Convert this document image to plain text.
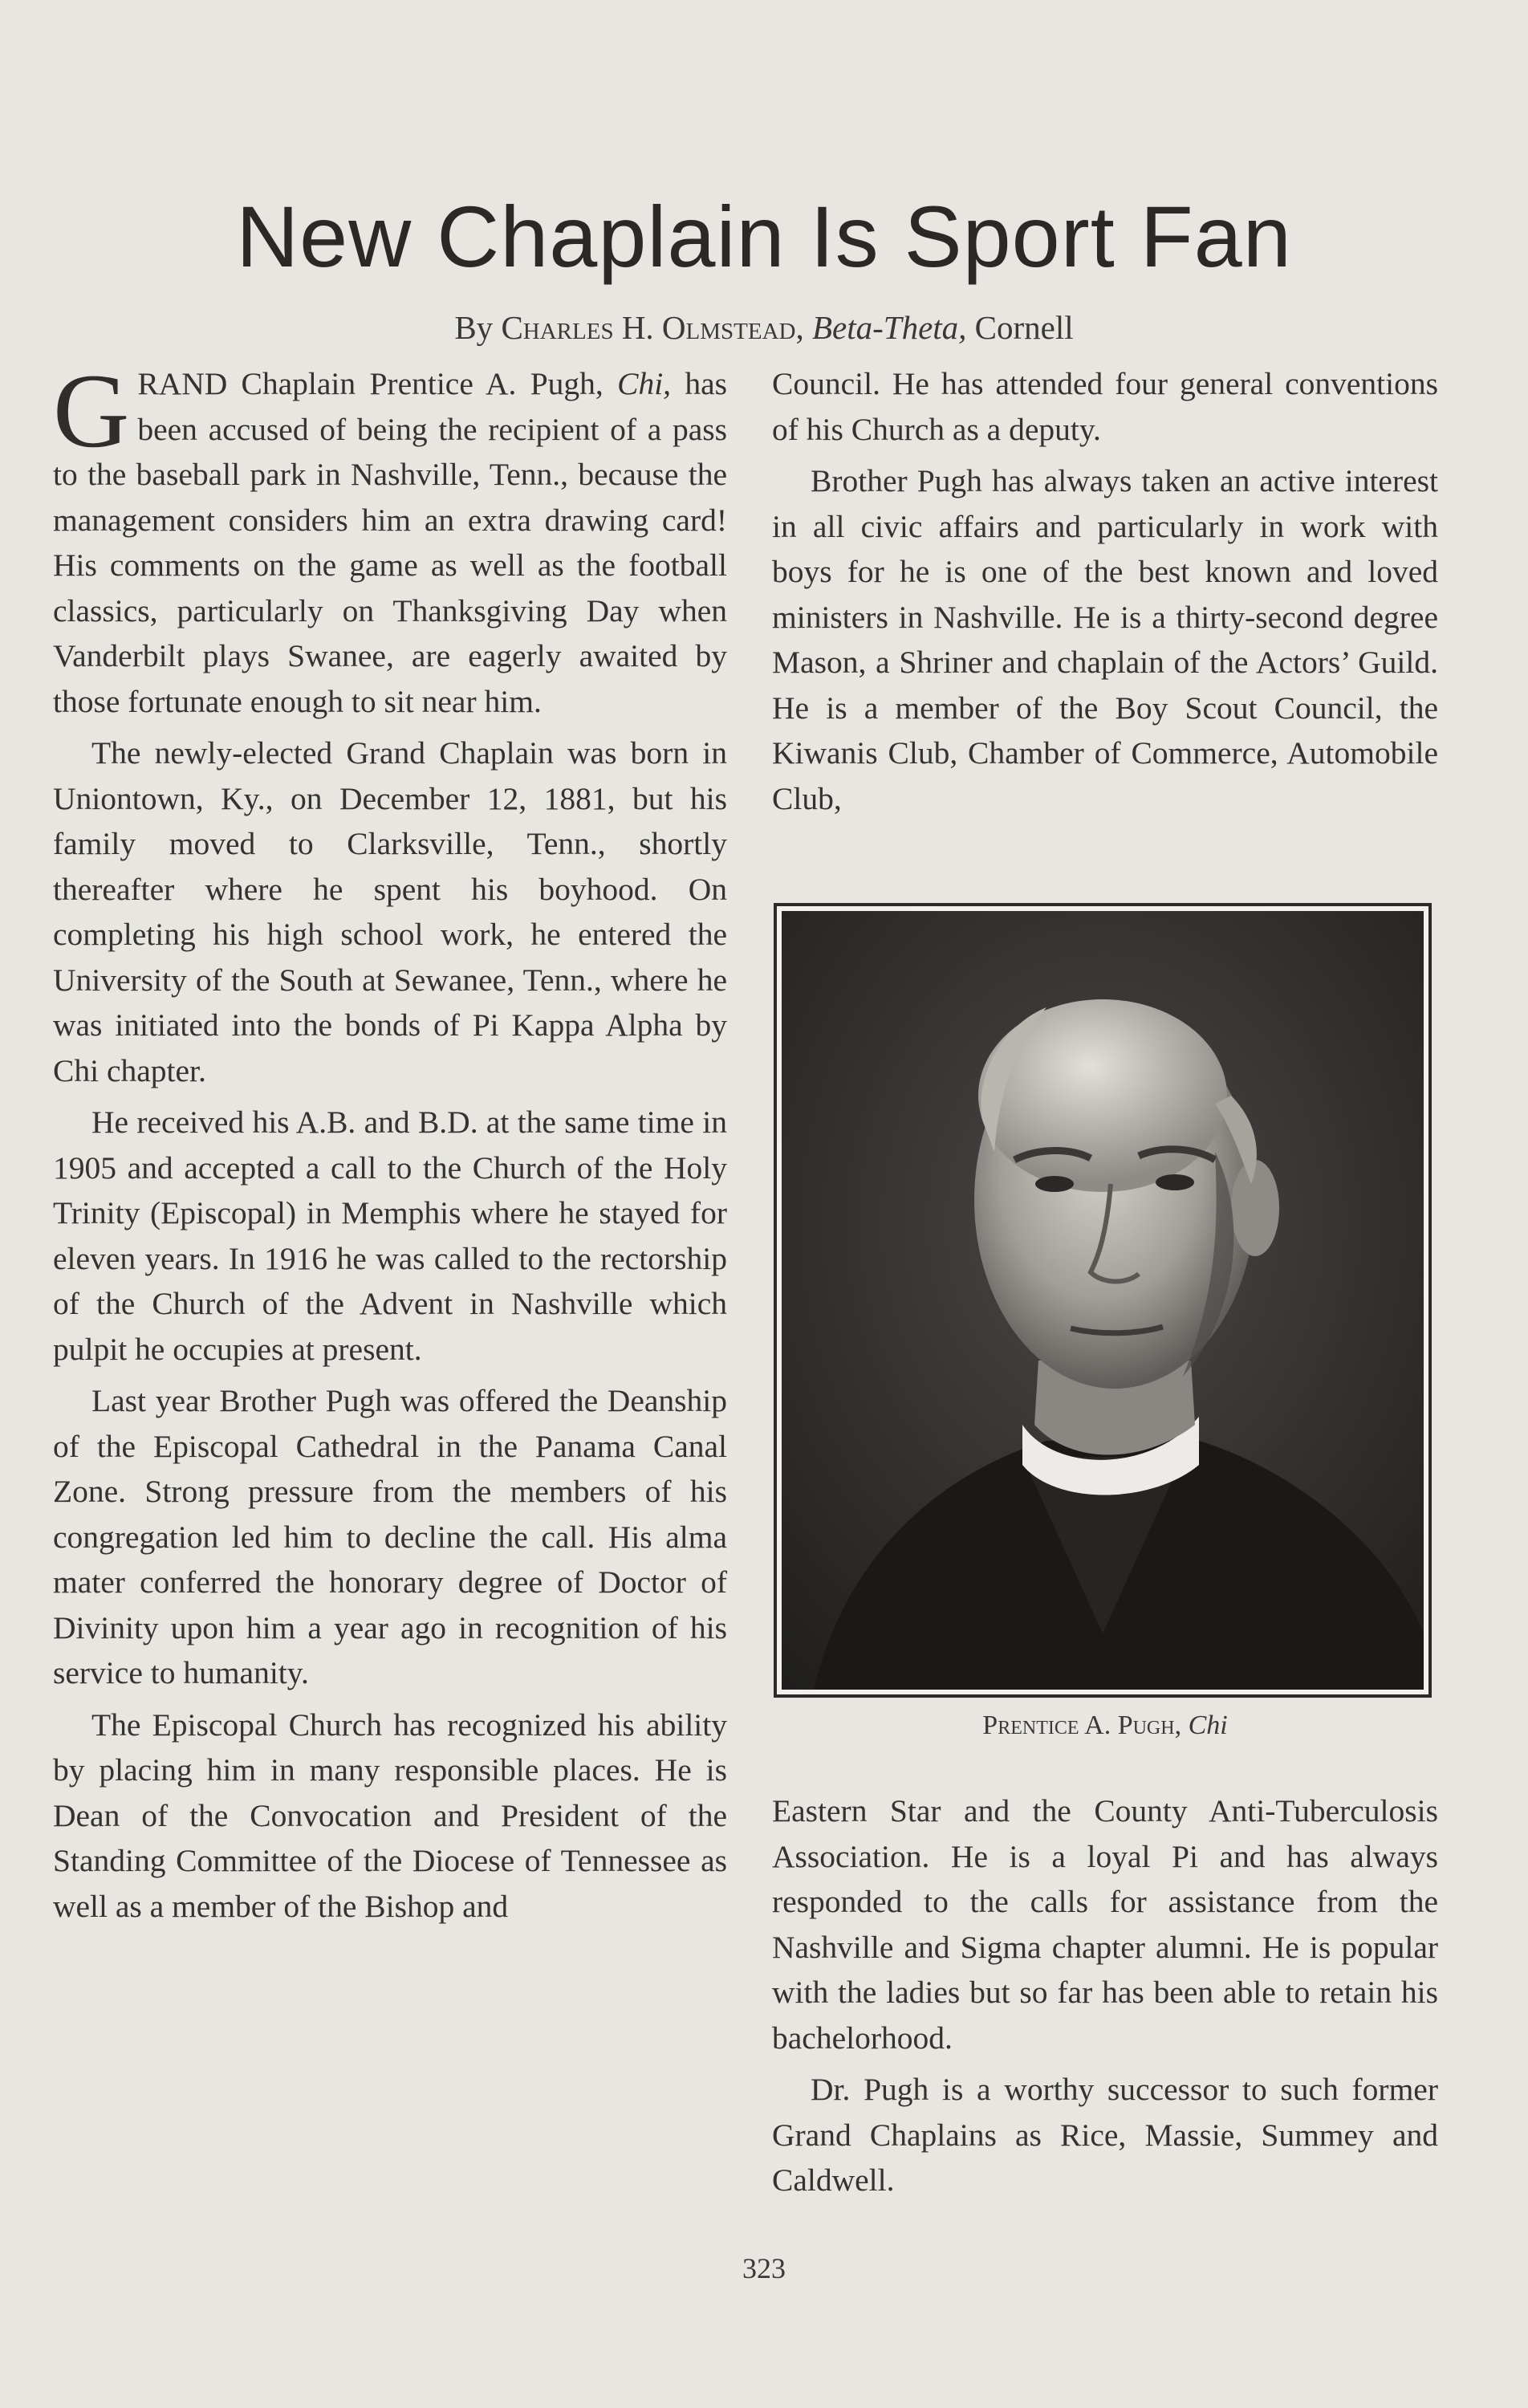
New Chaplain Is Sport Fan
By Charles H. Olmstead, Beta-Theta, Cornell

GRAND Chaplain Prentice A. Pugh, Chi, has been accused of being the recipient of a pass to the baseball park in Nashville, Tenn., because the management considers him an extra drawing card! His comments on the game as well as the football classics, particularly on Thanksgiving Day when Vanderbilt plays Swanee, are eagerly awaited by those fortunate enough to sit near him.

The newly-elected Grand Chaplain was born in Uniontown, Ky., on December 12, 1881, but his family moved to Clarksville, Tenn., shortly thereafter where he spent his boyhood. On completing his high school work, he entered the University of the South at Sewanee, Tenn., where he was initiated into the bonds of Pi Kappa Alpha by Chi chapter.

He received his A.B. and B.D. at the same time in 1905 and accepted a call to the Church of the Holy Trinity (Episcopal) in Memphis where he stayed for eleven years. In 1916 he was called to the rectorship of the Church of the Advent in Nashville which pulpit he occupies at present.

Last year Brother Pugh was offered the Deanship of the Episcopal Cathedral in the Panama Canal Zone. Strong pressure from the members of his congregation led him to decline the call. His alma mater conferred the honorary degree of Doctor of Divinity upon him a year ago in recognition of his service to humanity.

The Episcopal Church has recognized his ability by placing him in many responsible places. He is Dean of the Convocation and President of the Standing Committee of the Diocese of Tennessee as well as a member of the Bishop and

Council. He has attended four general conventions of his Church as a deputy.

Brother Pugh has always taken an active interest in all civic affairs and particularly in work with boys for he is one of the best known and loved ministers in Nashville. He is a thirty-second degree Mason, a Shriner and chaplain of the Actors’ Guild. He is a member of the Boy Scout Council, the Kiwanis Club, Chamber of Commerce, Automobile Club,

Prentice A. Pugh, Chi

Eastern Star and the County Anti-Tuberculosis Association. He is a loyal Pi and has always responded to the calls for assistance from the Nashville and Sigma chapter alumni. He is popular with the ladies but so far has been able to retain his bachelorhood.

Dr. Pugh is a worthy successor to such former Grand Chaplains as Rice, Massie, Summey and Caldwell.

323
